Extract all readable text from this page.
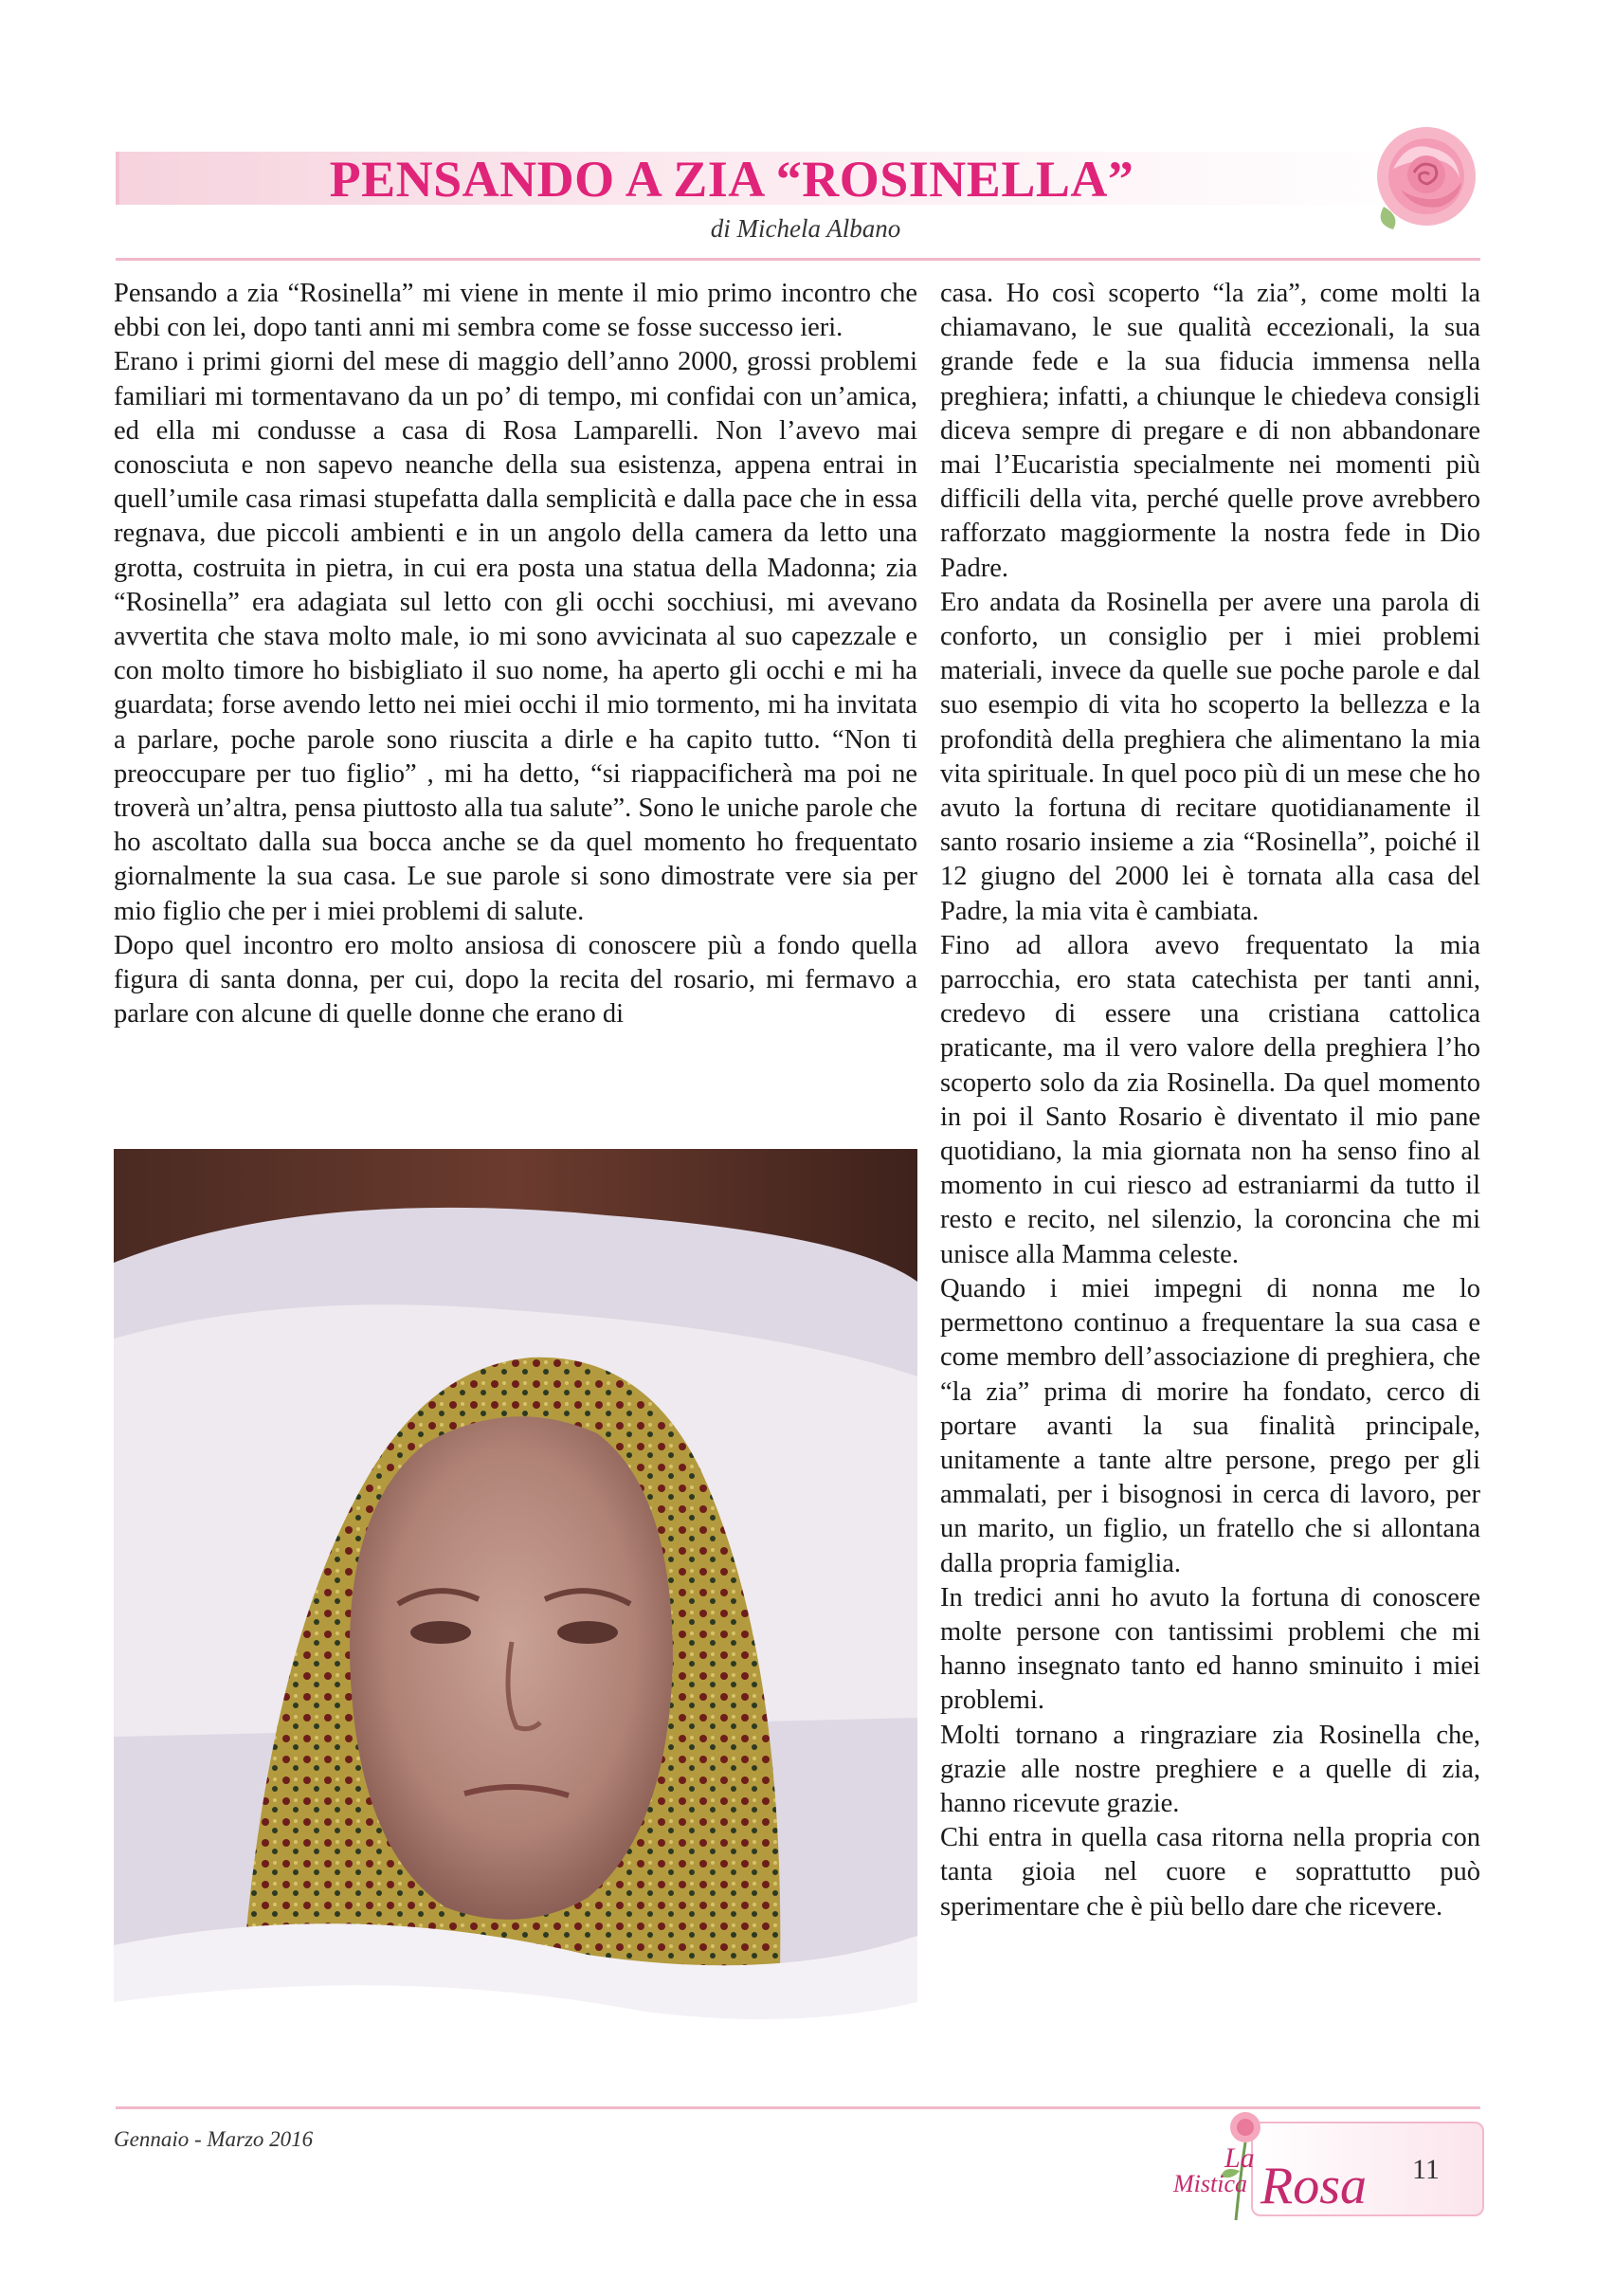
PENSANDO A ZIA “ROSINELLA”
di Michela Albano

Pensando a zia “Rosinella” mi viene in mente il mio primo incontro che ebbi con lei, dopo tanti anni mi sembra come se fosse successo ieri.

Erano i primi giorni del mese di maggio dell’anno 2000, grossi problemi familiari mi tormentavano da un po’ di tempo, mi confidai con un’amica, ed ella mi condusse a casa di Rosa Lamparelli. Non l’avevo mai conosciuta e non sapevo neanche della sua esistenza, appena entrai in quell’umile casa rimasi stupefatta dalla semplicità e dalla pace che in essa regnava, due piccoli ambienti e in un angolo della camera da letto una grotta, costruita in pietra, in cui era posta una statua della Madonna; zia “Rosinella” era adagiata sul letto con gli occhi socchiusi, mi avevano avvertita che stava molto male, io mi sono avvicinata al suo capezzale e con molto timore ho bisbigliato il suo nome, ha aperto gli occhi e mi ha guardata; forse avendo letto nei miei occhi il mio tormento, mi ha invitata a parlare, poche parole sono riuscita a dirle e ha capito tutto. “Non ti preoccupare per tuo figlio” , mi ha detto, “si riappacificherà ma poi ne troverà un’altra, pensa piuttosto alla tua salute”. Sono le uniche parole che ho ascoltato dalla sua bocca anche se da quel momento ho frequentato giornalmente la sua casa. Le sue parole si sono dimostrate vere sia per mio figlio che per i miei problemi di salute.

Dopo quel incontro ero molto ansiosa di conoscere più a fondo quella figura di santa donna, per cui, dopo la recita del rosario, mi fermavo a parlare con alcune di quelle donne che erano di

casa. Ho così scoperto “la zia”, come molti la chiamavano, le sue qualità eccezionali, la sua grande fede e la sua fiducia immensa nella preghiera; infatti, a chiunque le chiedeva consigli diceva sempre di pregare e di non abbandonare mai l’Eucaristia specialmente nei momenti più difficili della vita, perché quelle prove avrebbero rafforzato maggiormente la nostra fede in Dio Padre.

Ero andata da Rosinella per avere una parola di conforto, un consiglio per i miei problemi materiali, invece da quelle sue poche parole e dal suo esempio di vita ho scoperto la bellezza e la profondità della preghiera che alimentano la mia vita spirituale. In quel poco più di un mese che ho avuto la fortuna di recitare quotidianamente il santo rosario insieme a zia “Rosinella”, poiché il 12 giugno del 2000 lei è tornata alla casa del Padre, la mia vita è cambiata.

Fino ad allora avevo frequentato la mia parrocchia, ero stata catechista per tanti anni, credevo di essere una cristiana cattolica praticante, ma il vero valore della preghiera l’ho scoperto solo da zia Rosinella. Da quel momento in poi il Santo Rosario è diventato il mio pane quotidiano, la mia giornata non ha senso fino al momento in cui riesco ad estraniarmi da tutto il resto e recito, nel silenzio, la coroncina che mi unisce alla Mamma celeste.

Quando i miei impegni di nonna me lo permettono continuo a frequentare la sua casa e come membro dell’associazione di preghiera, che “la zia” prima di morire ha fondato, cerco di portare avanti la sua finalità principale, unitamente a tante altre persone, prego per gli ammalati, per i bisognosi in cerca di lavoro, per un marito, un figlio, un fratello che si allontana dalla propria famiglia.

In tredici anni ho avuto la fortuna di conoscere molte persone con tantissimi problemi che mi hanno insegnato tanto ed hanno sminuito i miei problemi.

Molti tornano a ringraziare zia Rosinella che, grazie alle nostre preghiere e a quelle di zia, hanno ricevute grazie.

Chi entra in quella casa ritorna nella propria con tanta gioia nel cuore e soprattutto può sperimentare che è più bello dare che ricevere.

Gennaio - Marzo 2016
La
Mistica Rosa 11
